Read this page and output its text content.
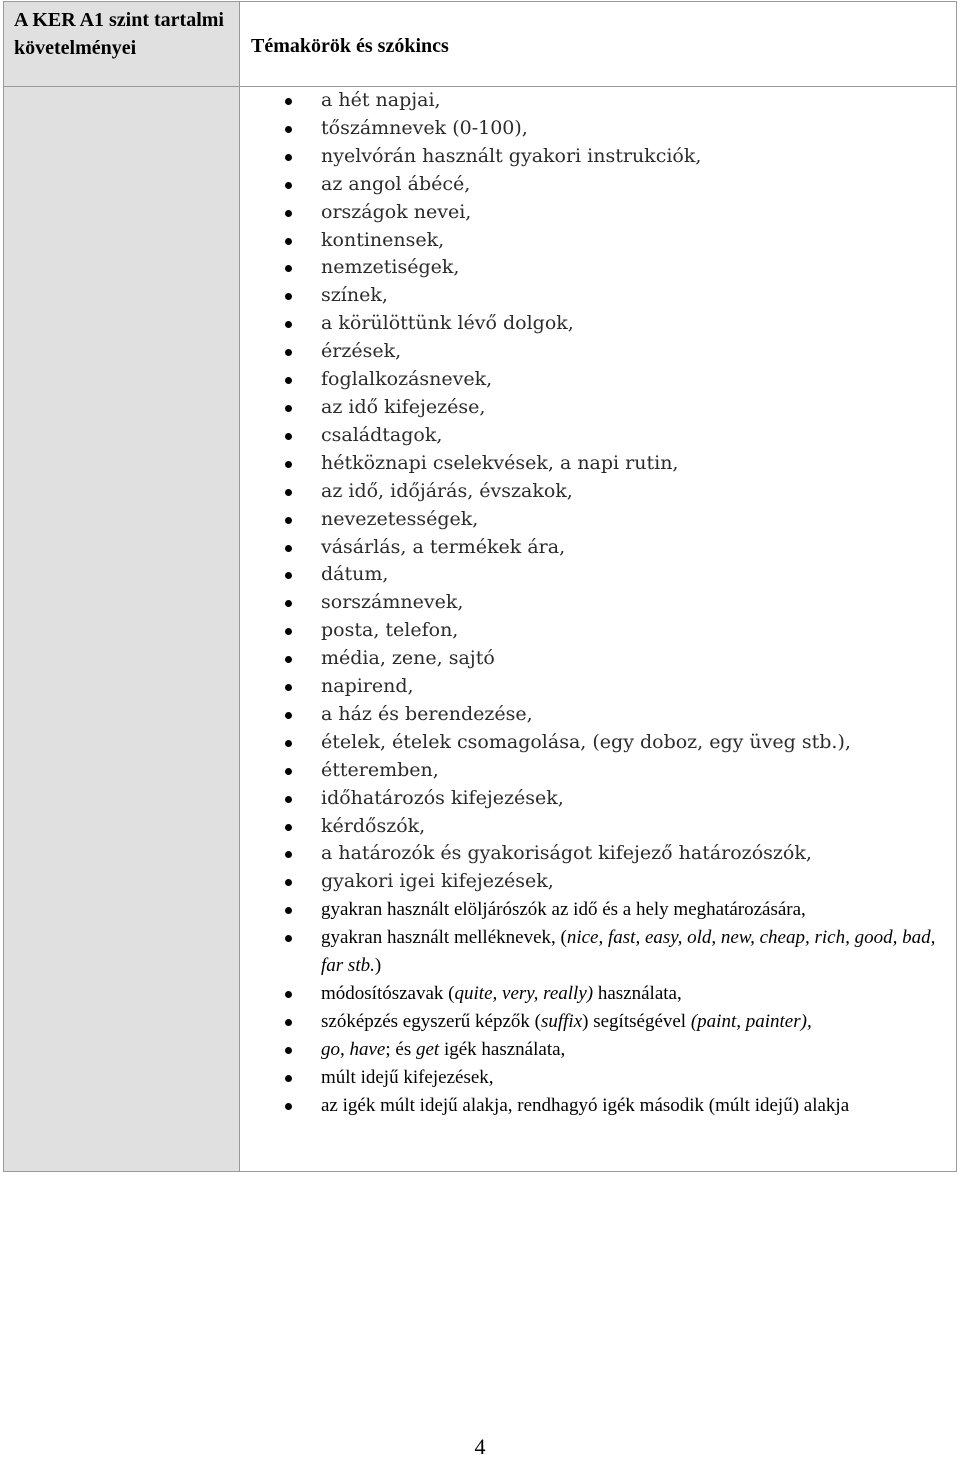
A KER A1 szint tartalmi követelményei	Témakörök és szókincs
a hét napjai,
tőszámnevek (0-100),
nyelvórán használt gyakori instrukciók,
az angol ábécé,
országok nevei,
kontinensek,
nemzetiségek,
színek,
a körülöttünk lévő dolgok,
érzések,
foglalkozásnevek,
az idő kifejezése,
családtagok,
hétköznapi cselekvések, a napi rutin,
az idő, időjárás, évszakok,
nevezetességek,
vásárlás, a termékek ára,
dátum,
sorszámnevek,
posta, telefon,
média, zene, sajtó
napirend,
a ház és berendezése,
ételek, ételek csomagolása, (egy doboz, egy üveg stb.),
étteremben,
időhatározós kifejezések,
kérdőszók,
a határozók és gyakoriságot kifejező határozószók,
gyakori igei kifejezések,
gyakran használt elöljárószók az idő és a hely meghatározására,
gyakran használt melléknevek, (nice, fast, easy, old, new, cheap, rich, good, bad, far stb.)
módosítószavak (quite, very, really) használata,
szóképzés egyszerű képzők (suffix) segítségével (paint, painter),
go, have; és get igék használata,
múlt idejű kifejezések,
az igék múlt idejű alakja, rendhagyó igék második (múlt idejű) alakja
4
